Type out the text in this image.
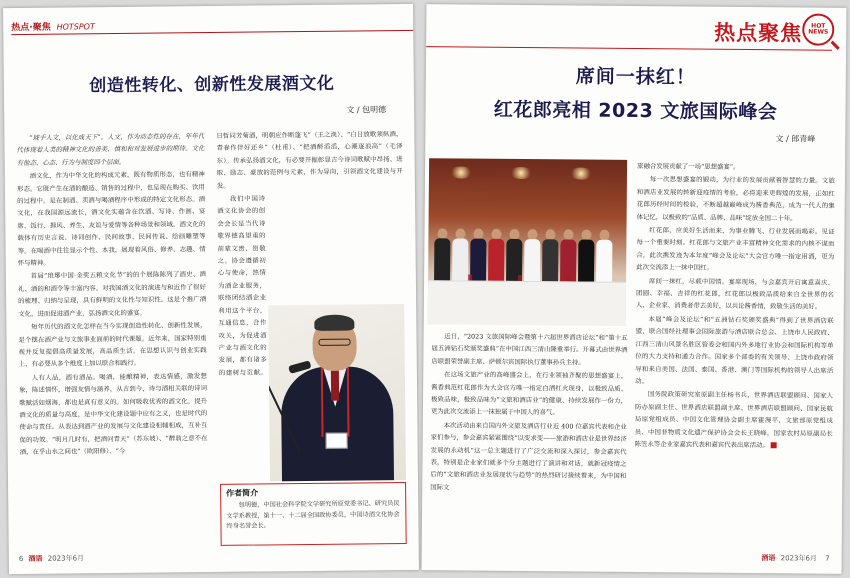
热点·聚焦 HOTSPOT
创造性转化、创新性发展酒文化
文 / 包明德

“琥手人文，以化成天下”。人文，作为动态性的存在，年年代代体现着人类的精神文化的善美、慎和和对发展进步的期待。文化有他态、心态、行为与制度四个层面。

酒文化，作为中华文化的构成元素，既有物质形态，也有精神形态。它既产生在酒的酿造、销售的过程中，也呈现在购买、饮用的过程中。是在制酒、卖酒与喝酒程序中形成的特定文化形态。酒文化，在我国源远流长，酒文化实蕴含在饮酒、写诗、作画、宴席、饭行、揖风、养生、友谊与爱情等各种场景和领域。酒文化的载体有历史言说、诗词创作、民间故事、民间传说、绘画雕塑等等。在喝酒中往往显示个性、本我，展现着风俗、修养、志趣、情怀与精神。

首届“琅琊中国·金奖五粮文化节”的的个展陈陈列了酒史、酒礼、酒的和酒令等丰富内容。对我国酒文化的演进与和近作了很好的梳理、归纳与呈现，具有鲜明的文化性与知识性。这是个推广酒文化，进而促进酒产业，弘扬酒文化的盛宴。

短年历代的酒文化怎样在当今实现创造性转化、创新性发展，是个摆在酒产业与文旅事业面前的时代课题。近年来，国家特别重视并反复提倡高质量发展，高品质生活。在思想认识与创业实践上，有必要从多个维度上加以联合和践行。

人有人品，酒有酒品。喝酒，能酿精神，表达情感，激发想象，陈述情怀，增强友情与涵养，从古到今，诗与酒相关联的诗词歌赋活如烟海，都也是真有意义的。如何吸收优秀的酒文化，提升酒文化的质量与高度，是中华文化建设题中应有之义，也是时代的使命与责任。从表达到酒产业的发展与文化建设相辅相成，互补互促的功效。“明月几时有，把酒问青天”（苏东坡）、“醉翁之意不在酒，在乎山水之间也”（欧阳修）、“今

日暂同芳菊酒，明朝应作断蓬飞”（王之涣）、“白日放歌须纵酒，青春作伴好还乡”（杜甫）、“把酒酹滔滔，心潮逐浪高”（毛泽东）。传承弘扬酒文化，有必要开掘彰显古今诗词歌赋中昂扬、进取、励志、豪放的范例与元素，作为导向，引领酒文化建设与开发。

我们中国诗酒文化协会的创会会长是当代诗歌界德高望重的前辈文贵、贺敬之。协会遵循初心与使命，热情为酒企业服务，联络团结酒企业利用这个平台，互通信息，合作攻关，为促进酒产业与酒文化的发展，都有诸多的建树与贡献。最近，现任会长周获霞女士和王谦年副理事长进行了深入调查研究，诗询访问，协同相关企业推出“大白行天下”品牌，体现了较强的创新意识。初步试询便得到了这次调查研究，通过与全体调研与创业之路高度相同，于民间沉淀与延续的文化精神，有了价值之精神与导向。另外，我参酒企广泛，在创造性转化、发展性发展之大环境影响下，思酿大开，计划在酒的包装与营销中，值着文旅事业，文创产品，推出更多更好的新方式，新路径。这都是可喜可贺，值得期待的事象。

作者简介
包明德，中国社会科学院文学研究所原党委书记、研究员民文学系教授，第十一、十二届全国政协委员，中国诗酒文化协会终身名誉会长。
6 酒语 2023年6月
热点聚焦	HOT
NEWS
席间一抹红！
红花郎亮相 2023 文旅国际峰会
文 / 郎青峰

近日，“2023 文旅国际峰会暨第十六届世界酒店论坛”和“第十五届五洲钻石奖颁奖盛典”在中国江西三清山隆重举行。开幕式由世界酒店联盟荣誉副主席、萨顿尔宾国际执行董事孙兵主持。

在这场文旅产业的高峰盛会上，在行业领袖齐聚的思想盛宴上，酱香典范红花郎作为大会官方唯一指定白酒红火现身，以极致品质、极致品味，极致品味为“文旅和酒店业”的健康、持续发展作一份力，更为此次交流添上一抹独属于中国人的喜气。

本次活动由来自国内外文旅及酒店行业近 400 位嘉宾代表和企业家们参与，参会嘉宾紧紧围绕“以变求变——旅游和酒店业是世界经济发展的永动机”这一总主题进行了广泛交流和深入探讨，参会嘉宾代表，特别是企业家们就多个分主题进行了演讲和对话，就新冠疫情之后的“文旅和酒店业发展现状与趋势”的热烈研讨接续着来，为中国和国际文

旅融合发展贡献了一场“思想盛宴”。

每一次思想盛宴的锻动，为行业的发展贡献着智慧的力量。文旅和酒店业发展的转新迎疫情的考验，必将迎来更辉煌的发展，正如红花郎历经时间的检验，不断超越巅峰成为酱香典范，成为一代人的集体记忆，以极致的“品质、品牌、品味”绽放全国二十年。

红花郎，应美好生活而来，为事业腾飞、行业发展而喝彩。见证每一个重要时刻。红花郎与文旅产业丰富精神文化需求的内核不谋而合，此次携发迹为本年度“峰会及论坛”大会官方唯一指定用酒，更为此次交流添上一抹中国红。

席间一抹红，尽载中国情。宴席现场，与会嘉宾开启寓意喜庆、团圆、幸福、吉祥的红花郎，红花郎以极致品质给来自全世界的名人、企业家、消费者带去美好，以共论酱香情，致敬生活的美好。

本届“峰会及论坛”和“五洲钻石奖颁奖盛典”得到了世界酒店联盟，联合国经社理事会国际旅游与酒店联合总会、上饶市人民政府、江西三清山风景名胜区管委会和国内外多地行业协会和国际机构等单位的大力支持和通力合作。国家多个部委的有关领导、上饶市政府领导和来自美国、法国、泰国、香港、澳门等国际机构的领导人出席活动。

国务院政策研究室原副主任杨书兵，世界酒店联盟顾问、国家人防办原副主任、世界酒店联盟副主席、世界酒店联盟顾问、国家民航局原党组成员、中国文化管理协会副主席霍漫平，文旅部原党组成员、中国非物质文化遗产保护协会会长王晓峰，国家农村局原副局长陈笠永等企业家嘉宾代表和嘉宾代表出席活动。

酒语 2023年6月 7
